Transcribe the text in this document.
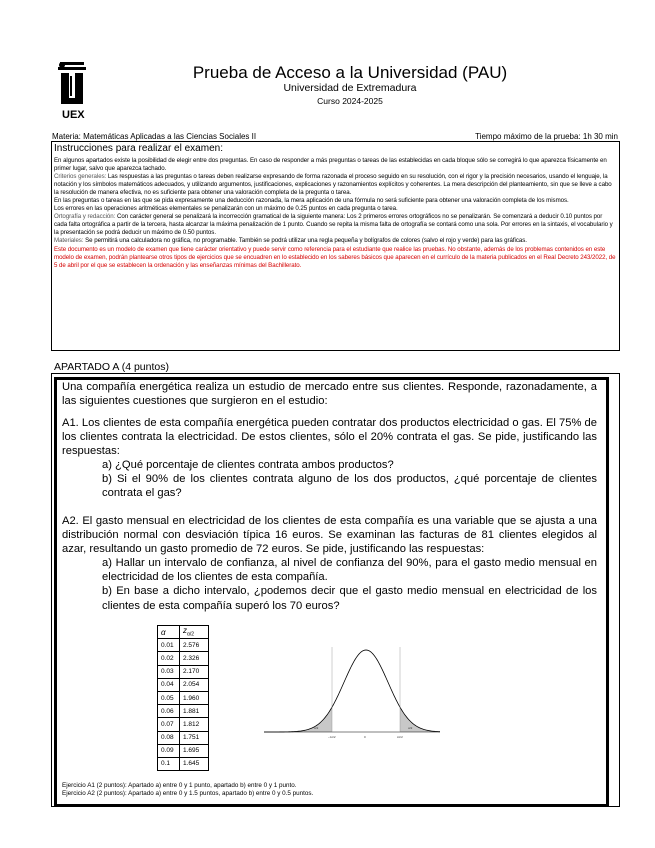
UEX
Prueba de Acceso a la Universidad (PAU)
Universidad de Extremadura
Curso 2024-2025
Materia: Matemáticas Aplicadas a las Ciencias Sociales II	Tiempo máximo de la prueba: 1h 30 min
Instrucciones para realizar el examen:

En algunos apartados existe la posibilidad de elegir entre dos preguntas. En caso de responder a más preguntas o tareas de las establecidas en cada bloque sólo se corregirá lo que aparezca físicamente en primer lugar, salvo que aparezca tachado.

Criterios generales: Las respuestas a las preguntas o tareas deben realizarse expresando de forma razonada el proceso seguido en su resolución, con el rigor y la precisión necesarios, usando el lenguaje, la notación y los símbolos matemáticos adecuados, y utilizando argumentos, justificaciones, explicaciones y razonamientos explícitos y coherentes. La mera descripción del planteamiento, sin que se lleve a cabo la resolución de manera efectiva, no es suficiente para obtener una valoración completa de la pregunta o tarea.

En las preguntas o tareas en las que se pida expresamente una deducción razonada, la mera aplicación de una fórmula no será suficiente para obtener una valoración completa de los mismos.

Los errores en las operaciones aritméticas elementales se penalizarán con un máximo de 0.25 puntos en cada pregunta o tarea.

Ortografía y redacción: Con carácter general se penalizará la incorrección gramatical de la siguiente manera: Los 2 primeros errores ortográficos no se penalizarán. Se comenzará a deducir 0.10 puntos por cada falta ortográfica a partir de la tercera, hasta alcanzar la máxima penalización de 1 punto. Cuando se repita la misma falta de ortografía se contará como una sola. Por errores en la sintaxis, el vocabulario y la presentación se podrá deducir un máximo de 0.50 puntos.

Materiales: Se permitirá una calculadora no gráfica, no programable. También se podrá utilizar una regla pequeña y bolígrafos de colores (salvo el rojo y verde) para las gráficas.

Este documento es un modelo de examen que tiene carácter orientativo y puede servir como referencia para el estudiante que realice las pruebas. No obstante, además de los problemas contenidos en este modelo de examen, podrán plantearse otros tipos de ejercicios que se encuadren en lo establecido en los saberes básicos que aparecen en el currículo de la materia publicados en el Real Decreto 243/2022, de 5 de abril por el que se establecen la ordenación y las enseñanzas mínimas del Bachillerato.

APARTADO A (4 puntos)
Una compañía energética realiza un estudio de mercado entre sus clientes. Responde, razonadamente, a las siguientes cuestiones que surgieron en el estudio:
A1. Los clientes de esta compañía energética pueden contratar dos productos electricidad o gas. El 75% de los clientes contrata la electricidad. De estos clientes, sólo el 20% contrata el gas. Se pide, justificando las respuestas:
a) ¿Qué porcentaje de clientes contrata ambos productos?
b) Si el 90% de los clientes contrata alguno de los dos productos, ¿qué porcentaje de clientes contrata el gas?
A2. El gasto mensual en electricidad de los clientes de esta compañía es una variable que se ajusta a una distribución normal con desviación típica 16 euros. Se examinan las facturas de 81 clientes elegidos al azar, resultando un gasto promedio de 72 euros. Se pide, justificando las respuestas:
a) Hallar un intervalo de confianza, al nivel de confianza del 90%, para el gasto medio mensual en electricidad de los clientes de esta compañía.
b) En base a dicho intervalo, ¿podemos decir que el gasto medio mensual en electricidad de los clientes de esta compañía superó los 70 euros?
α	$z_{\alpha/2}$
0.01	2.576
0.02	2.326
0.03	2.170
0.04	2.054
0.05	1.960
0.06	1.881
0.07	1.812
0.08	1.751
0.09	1.695
0.1	1.645
α/2	α/2
−zα/2	0	zα/2
Ejercicio A1 (2 puntos): Apartado a) entre 0 y 1 punto, apartado b) entre 0 y 1 punto.
Ejercicio A2 (2 puntos): Apartado a) entre 0 y 1.5 puntos, apartado b) entre 0 y 0.5 puntos.
